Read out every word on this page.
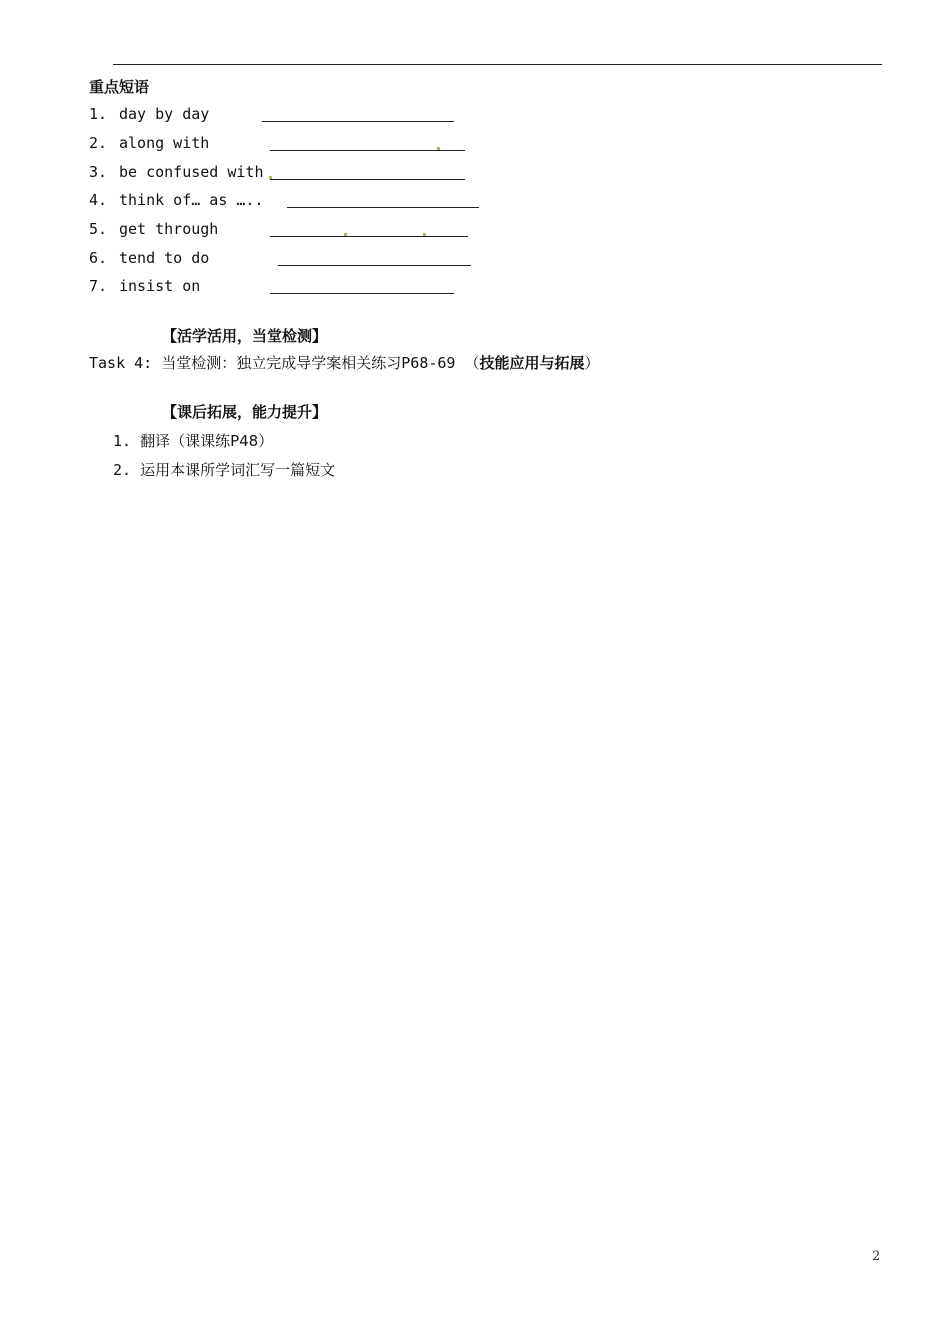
重点短语
1. day by day
2. along with
3. be confused with
4. think of… as …..
5. get through
6. tend to do
7. insist on
【活学活用，当堂检测】
Task 4: 当堂检测：独立完成导学案相关练习P68-69 （技能应用与拓展）
【课后拓展，能力提升】
1. 翻译（课课练P48）
2. 运用本课所学词汇写一篇短文
2
